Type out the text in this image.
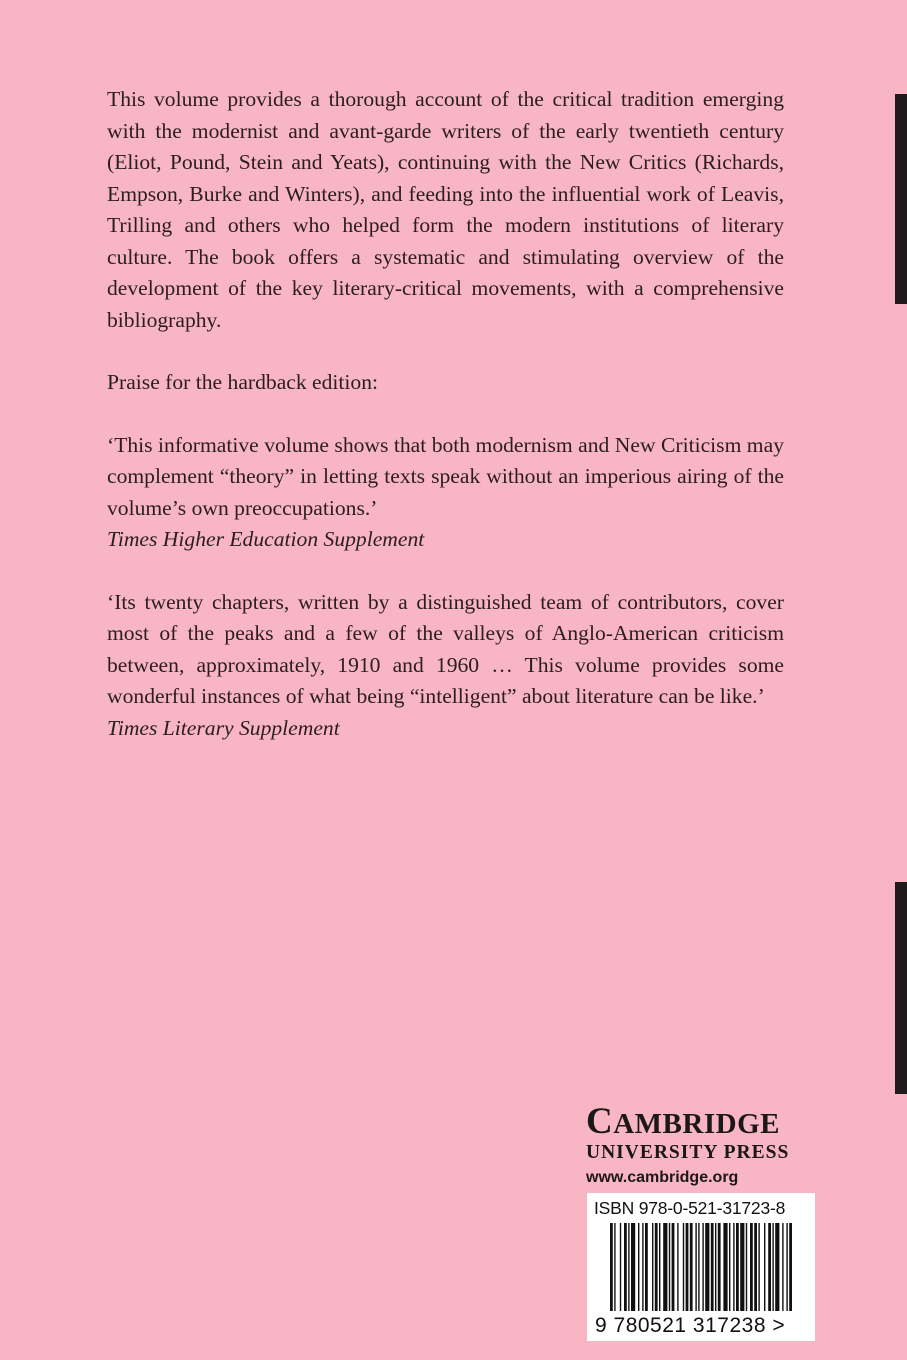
This volume provides a thorough account of the critical tradition emerging with the modernist and avant-garde writers of the early twentieth century (Eliot, Pound, Stein and Yeats), continuing with the New Critics (Richards, Empson, Burke and Winters), and feeding into the influential work of Leavis, Trilling and others who helped form the modern institutions of literary culture. The book offers a systematic and stimulating overview of the development of the key literary-critical movements, with a comprehensive bibliography.

Praise for the hardback edition:

‘This informative volume shows that both modernism and New Criticism may complement “theory” in letting texts speak without an imperious airing of the volume’s own preoccupations.’

Times Higher Education Supplement

‘Its twenty chapters, written by a distinguished team of contributors, cover most of the peaks and a few of the valleys of Anglo-American criticism between, approximately, 1910 and 1960 … This volume provides some wonderful instances of what being “intelligent” about literature can be like.’

Times Literary Supplement

CAMBRIDGE
UNIVERSITY PRESS
www.cambridge.org
9 780521 317238 >
ISBN 978-0-521-31723-8
